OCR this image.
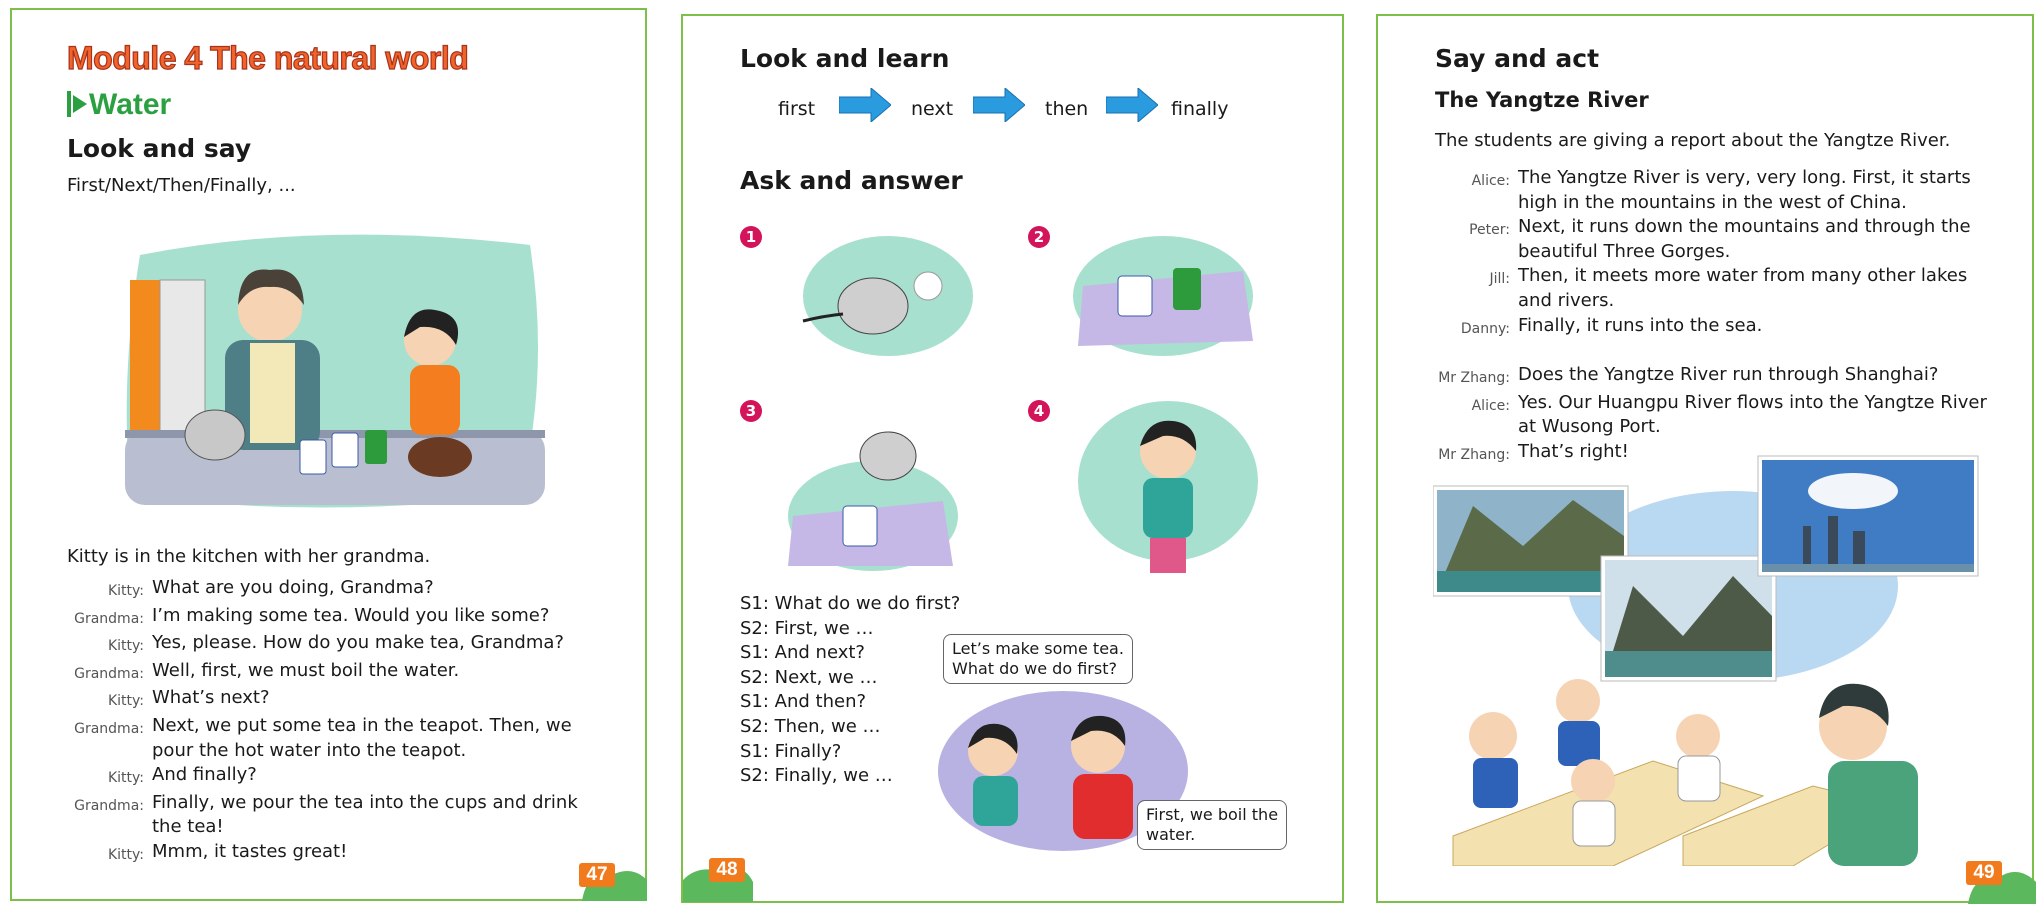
Module 4 The natural world
Water
Look and say
First/Next/Then/Finally, ...
Kitty is in the kitchen with her grandma.
Kitty: What are you doing, Grandma?
Grandma: I’m making some tea. Would you like some?
Kitty: Yes, please. How do you make tea, Grandma?
Grandma: Well, first, we must boil the water.
Kitty: What’s next?
Grandma: Next, we put some tea in the teapot. Then, we pour the hot water into the teapot.
Kitty: And finally?
Grandma: Finally, we pour the tea into the cups and drink the tea!
Kitty: Mmm, it tastes great!
47
Look and learn
first	next	then	finally
Ask and answer
1	2
3	4
S1: What do we do first?
S2: First, we …
S1: And next?
S2: Next, we …
S1: And then?
S2: Then, we …
S1: Finally?
S2: Finally, we …
Let’s make some tea.
What do we do first?
First, we boil the
water.
48
Say and act
The Yangtze River
The students are giving a report about the Yangtze River.
Alice: The Yangtze River is very, very long. First, it starts high in the mountains in the west of China.
Peter: Next, it runs down the mountains and through the beautiful Three Gorges.
Jill: Then, it meets more water from many other lakes and rivers.
Danny: Finally, it runs into the sea.
Mr Zhang: Does the Yangtze River run through Shanghai?
Alice: Yes. Our Huangpu River flows into the Yangtze River at Wusong Port.
Mr Zhang: That’s right!
49
